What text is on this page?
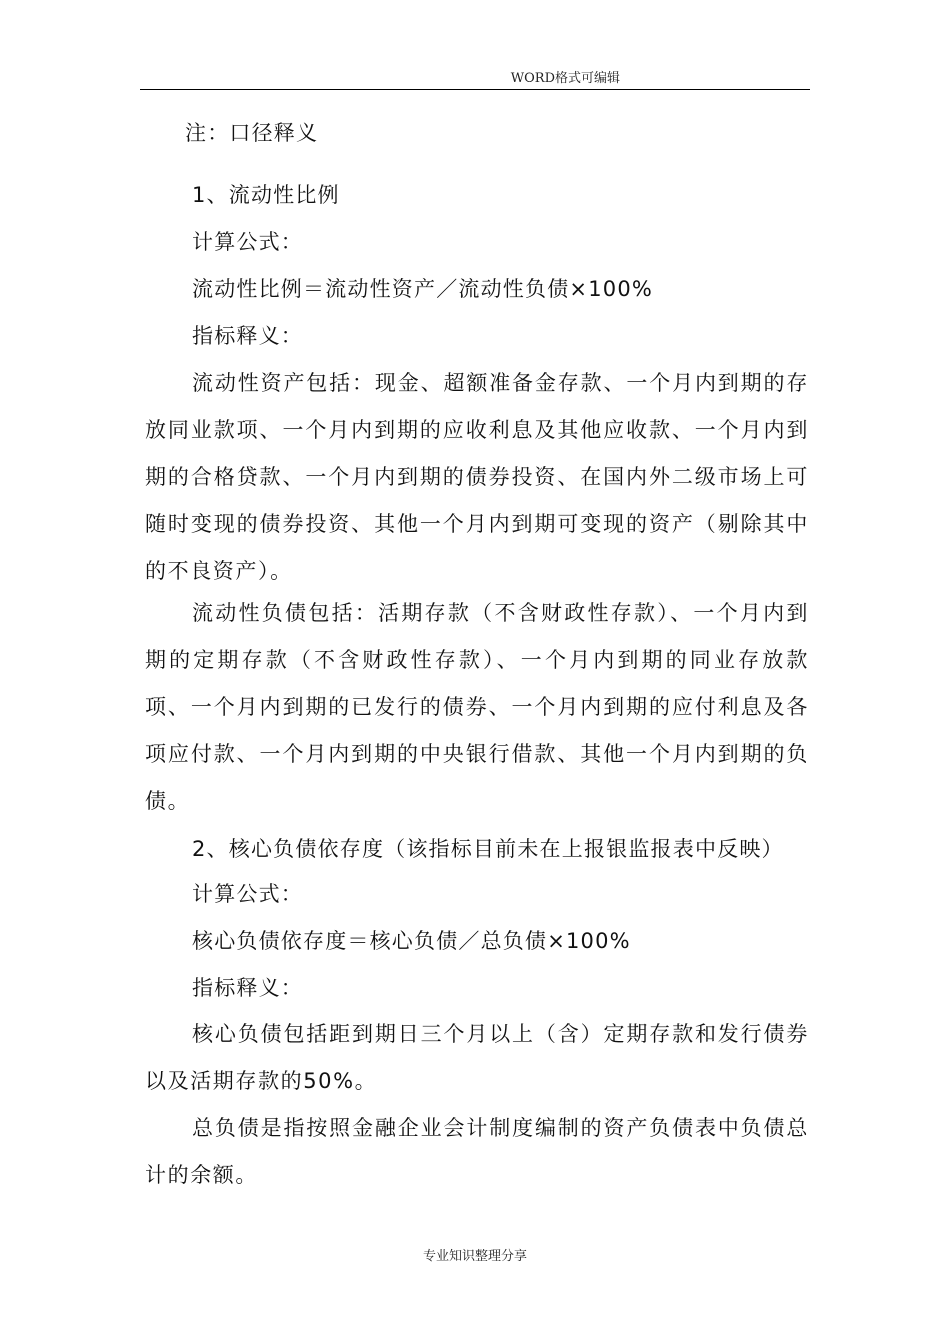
WORD格式可编辑
注：口径释义
1、流动性比例
计算公式：
流动性比例＝流动性资产／流动性负债×100%
指标释义：
流动性资产包括：现金、超额准备金存款、一个月内到期的存放同业款项、一个月内到期的应收利息及其他应收款、一个月内到期的合格贷款、一个月内到期的债券投资、在国内外二级市场上可随时变现的债券投资、其他一个月内到期可变现的资产（剔除其中的不良资产）。
流动性负债包括：活期存款（不含财政性存款）、一个月内到期的定期存款（不含财政性存款）、一个月内到期的同业存放款项、一个月内到期的已发行的债券、一个月内到期的应付利息及各项应付款、一个月内到期的中央银行借款、其他一个月内到期的负债。
2、核心负债依存度（该指标目前未在上报银监报表中反映）
计算公式：
核心负债依存度＝核心负债／总负债×100%
指标释义：
核心负债包括距到期日三个月以上（含）定期存款和发行债券以及活期存款的50%。
总负债是指按照金融企业会计制度编制的资产负债表中负债总计的余额。
专业知识整理分享
